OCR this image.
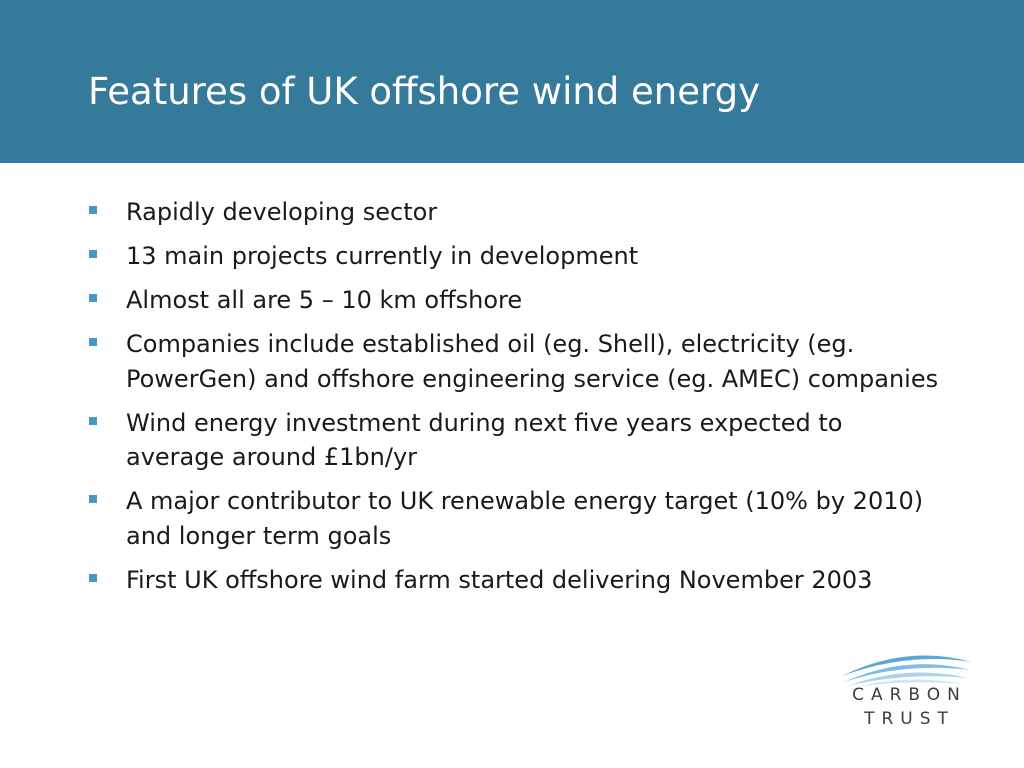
Features of UK offshore wind energy
Rapidly developing sector
13 main projects currently in development
Almost all are 5 – 10 km offshore
Companies include established oil (eg. Shell), electricity (eg. PowerGen) and offshore engineering service (eg. AMEC) companies
Wind energy investment during next five years expected to average around £1bn/yr
A major contributor to UK renewable energy target (10% by 2010) and longer term goals
First UK offshore wind farm started delivering November 2003
CARBON
TRUST
